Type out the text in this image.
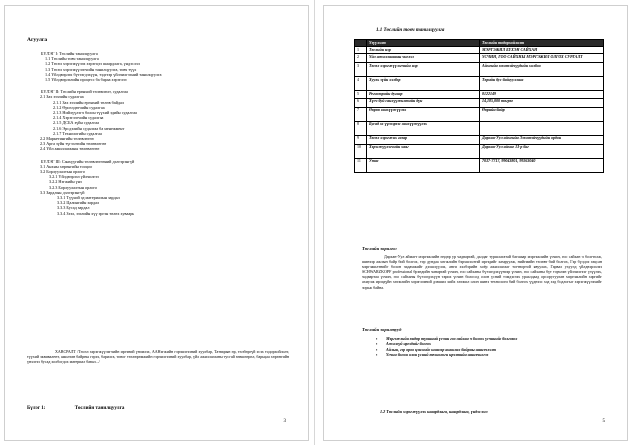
Агуулга
БҮЛЭГ I: Төслийн танилцуулга
1.1 Төслийн товч танилцуулга
1.2 Төсөл хэрэгжүүлэх хэрэгцээ шаардлага, үндэслэл
1.3 Төсөл хэрэгжүүлэгчийн танилцуулга, товч түүх
1.4 Үйлдвэрлэх бүтээгдэхүүн, тэдгээр үйлчилгээний танилцуулга
1.5 Үйлдвэрлэлийн процесс ба бараа хэрэглээ
БҮЛЭГ II: Төслийн ерөнхий төлөвлөлт, судалгаа
2.1 Зах зээлийн судалгаа
2.1.1 Зах зээлийн ерөнхий төлөв байдал
2.1.2 Өрсөлдөгчийн судалгаа
2.1.3 Нийлүүлэгч болон түүхий эдийн судалгаа
2.1.4 Хэрэглэгчийн судалгаа
2.1.5 ДСБА зүйн судалгаа
2.1.6 Эрсдэлийн судалгаа ба менежмент
2.1.7 Технологийн судалгаа
2.2 Маркетингийн төлөвлөгөө
2.3 Арга зүйн түгээлтийн төлөвлөгөө
2.4 Үйл ажиллагааны төлөвлөгөө
БҮЛЭГ III: Санхүүгийн төлөвлөгөөний дэлгэрэнгүй
3.1 Анхны хөрөнгийн тооцоо
3.2 Борлуулалтын орлого
3.2.1 Үйлдвэрлэл үйлчилгээ
3.2.2 Нэгжийн үнэ
3.2.3 Борлуулалтын орлого
3.3 Зардлын дэлгэрэнгүй
3.3.1 Түүхий эд материалын зардал
3.3.2 Цалингийн зардал
3.3.3 Бусад зардал
3.3.4 Зээл, зээлийн хүү эргэн төлөх хуваарь
ХАВСРАЛТ /Төсөл хэрэгжүүлэгчийн иргэний үнэмлэх, ААНэгжийн гэрчилгээний хуулбар, Татварын өр, төлбөргүй эсэх тодорхойлолт, түүхий эквивалент, ажилтан байрны гэрээ, барилга, тоног төхөөрөмжийн гэрчилгээний хуулбар, үйл ажиллагааны тусгай зөвшөөрөл, барьцаа хөрөнгийн үнэлгээ бусад холбогдох материал бавал.../
Бүлэг 1:	Төслийн танилцуулга
3
1.1 Төслийн товч танилцуулга
	Үзүүлэлт	Төслийн тодорхойлолт
1	Төслийн нэр	МЭРГЭЖИЛ БҮХЭН САЙХАН
2	Үйл ажиллагааны чиглэл	ҮСЧИН, ГОО САЙХНЫ МЭРГЭЖИЛ ОЛГОХ СУРГАЛТ
3	Төсөл хэрэгжүүлэгчийн нэр	Аймгийн эмэгтэйчүүдийн холбоо
4	Хуулъ зүйн хэлбэр	Төрийн бус байгууллага
5	Регистрийн дугаар	8122149
6	Хүсч буй санхүүжилтийн дүн	14,185,000 төгрөг
7	Өөрөө санхүүжүүлэх	Өөрийн байр
8	Бусад эх үүсвэрээс санхүүжүүлэх	
9	Төсөл хэрэгжих газар	Дархан-Уул аймгийн Эмэгтэйчүүдийн ордон
10	Хэрэгжүүлэгчийн хаяг	Дархан-Уул аймаг 13-р баг
11	Утас	7037-7717, 99043801, 99263040
Төслийн зорилго:
Дархан-Уул аймагт мэргэжлийн өндөр ур чадвартай, далдаг туршлагатай багшаар мэргэжлийн үсчин, гоо сайхан ч болгтолж, шинээр ажлын байр бий болгох, тэр дундаа хөгжлийн бэрхшээлтэй иргэдийг хамруулж, нийгмийн төлөвт бий болгох, Гэр бүлдээ гацсан мэргэжилтнийг болон чадамжийг дээшлүүлэх, анги хэлбэрийн хоёр ажиллагааг тогтвортой явуулах, Гарвал ухуулд үйлдвэрлэлээ SCHWARZKOPF professional брэндийн чанартай үсчин, гоо сайханы бүтээгдэхүүнээр үсчин, гоо сайханы бүт тэрчлэн үйлчилгээг үзүүлэх, чадвартаа үсчин, гоо сайханы бүтээгдэхүүн тарих үсчин болосод олон үсний тэмдэглэх ураалдаад орсоругуулан мэргэжлийн хэргийг ахиулж ирээдүйн хөгжлийн хэрэглээний дэвшил хийх хөгжил олон шинэ технологи бий болгох үүднээс хэд хэд бодлогыг хэрэгжүүлэхийг зорьж байна.
Төслийн зорилтууд
▪ Мэргэжлийн өндөр түвшний үсчин гоо сайхан ч болгох үсчинийг болговох
▪ Ажилгүй иргэдийг болгох
▪ Айлын, гэр ороо цэнэгийг шинээр ашиглах байрны шинэчлэлт
▪ Үсчин болон олон үсний технологи ирэлтийн шинэчилгээ
1.2 Төслийн хэрэгжүүлэх шаардлага, шаардлага, үндэслэл:
5
